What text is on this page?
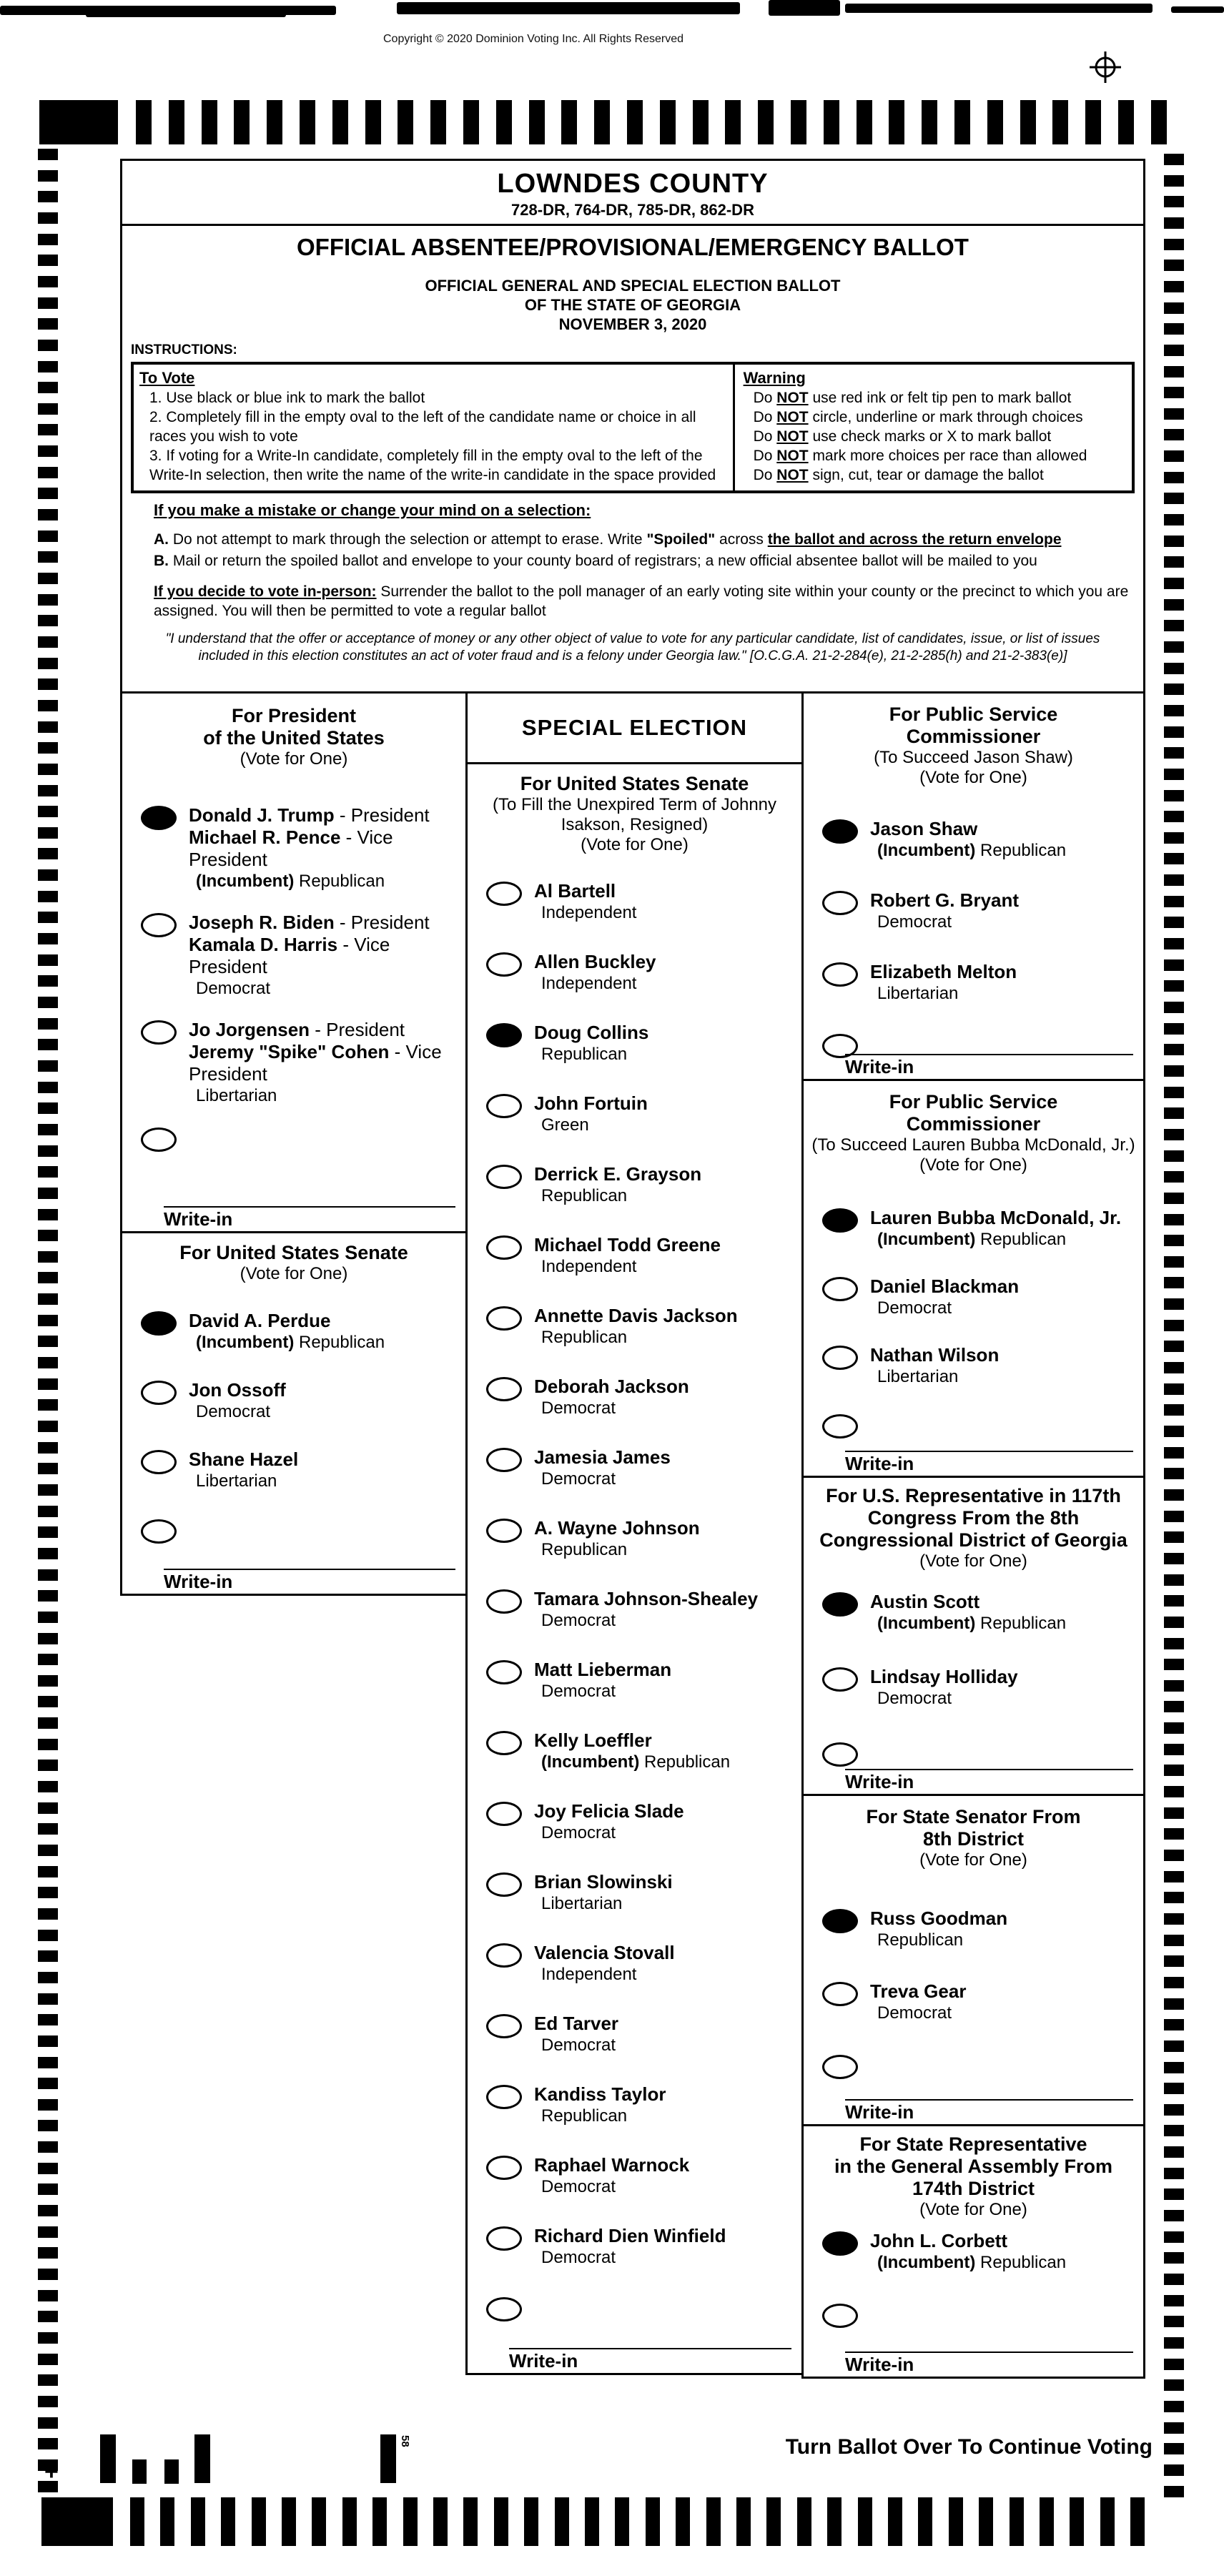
Copyright © 2020 Dominion Voting Inc. All Rights Reserved
LOWNDES COUNTY
728-DR, 764-DR, 785-DR, 862-DR
OFFICIAL ABSENTEE/PROVISIONAL/EMERGENCY BALLOT
OFFICIAL GENERAL AND SPECIAL ELECTION BALLOT
OF THE STATE OF GEORGIA
NOVEMBER 3, 2020
INSTRUCTIONS:
To Vote
1. Use black or blue ink to mark the ballot
2. Completely fill in the empty oval to the left of the candidate name or choice in all races you wish to vote
3. If voting for a Write-In candidate, completely fill in the empty oval to the left of the Write-In selection, then write the name of the write-in candidate in the space provided
Warning
Do NOT use red ink or felt tip pen to mark ballot
Do NOT circle, underline or mark through choices
Do NOT use check marks or X to mark ballot
Do NOT mark more choices per race than allowed
Do NOT sign, cut, tear or damage the ballot
If you make a mistake or change your mind on a selection:
A. Do not attempt to mark through the selection or attempt to erase. Write "Spoiled" across the ballot and across the return envelope
B. Mail or return the spoiled ballot and envelope to your county board of registrars; a new official absentee ballot will be mailed to you
If you decide to vote in-person: Surrender the ballot to the poll manager of an early voting site within your county or the precinct to which you are assigned. You will then be permitted to vote a regular ballot
"I understand that the offer or acceptance of money or any other object of value to vote for any particular candidate, list of candidates, issue, or list of issues included in this election constitutes an act of voter fraud and is a felony under Georgia law." [O.C.G.A. 21-2-284(e), 21-2-285(h) and 21-2-383(e)]
For President
of the United States
(Vote for One)
Donald J. Trump - President
Michael R. Pence - Vice President
(Incumbent) Republican
Joseph R. Biden - President
Kamala D. Harris - Vice President
Democrat
Jo Jorgensen - President
Jeremy "Spike" Cohen - Vice President
Libertarian
Write-in
For United States Senate
(Vote for One)
David A. Perdue
(Incumbent) Republican
Jon Ossoff
Democrat
Shane Hazel
Libertarian
Write-in
SPECIAL ELECTION
For United States Senate
(To Fill the Unexpired Term of Johnny
Isakson, Resigned)
(Vote for One)
Al Bartell
Independent
Allen Buckley
Independent
Doug Collins
Republican
John Fortuin
Green
Derrick E. Grayson
Republican
Michael Todd Greene
Independent
Annette Davis Jackson
Republican
Deborah Jackson
Democrat
Jamesia James
Democrat
A. Wayne Johnson
Republican
Tamara Johnson-Shealey
Democrat
Matt Lieberman
Democrat
Kelly Loeffler
(Incumbent) Republican
Joy Felicia Slade
Democrat
Brian Slowinski
Libertarian
Valencia Stovall
Independent
Ed Tarver
Democrat
Kandiss Taylor
Republican
Raphael Warnock
Democrat
Richard Dien Winfield
Democrat
Write-in
For Public Service
Commissioner
(To Succeed Jason Shaw)
(Vote for One)
Jason Shaw
(Incumbent) Republican
Robert G. Bryant
Democrat
Elizabeth Melton
Libertarian
Write-in
For Public Service
Commissioner
(To Succeed Lauren Bubba McDonald, Jr.)
(Vote for One)
Lauren Bubba McDonald, Jr.
(Incumbent) Republican
Daniel Blackman
Democrat
Nathan Wilson
Libertarian
Write-in
For U.S. Representative in 117th
Congress From the 8th
Congressional District of Georgia
(Vote for One)
Austin Scott
(Incumbent) Republican
Lindsay Holliday
Democrat
Write-in
For State Senator From
8th District
(Vote for One)
Russ Goodman
Republican
Treva Gear
Democrat
Write-in
For State Representative
in the General Assembly From
174th District
(Vote for One)
John L. Corbett
(Incumbent) Republican
Write-in
+
58	Turn Ballot Over To Continue Voting
